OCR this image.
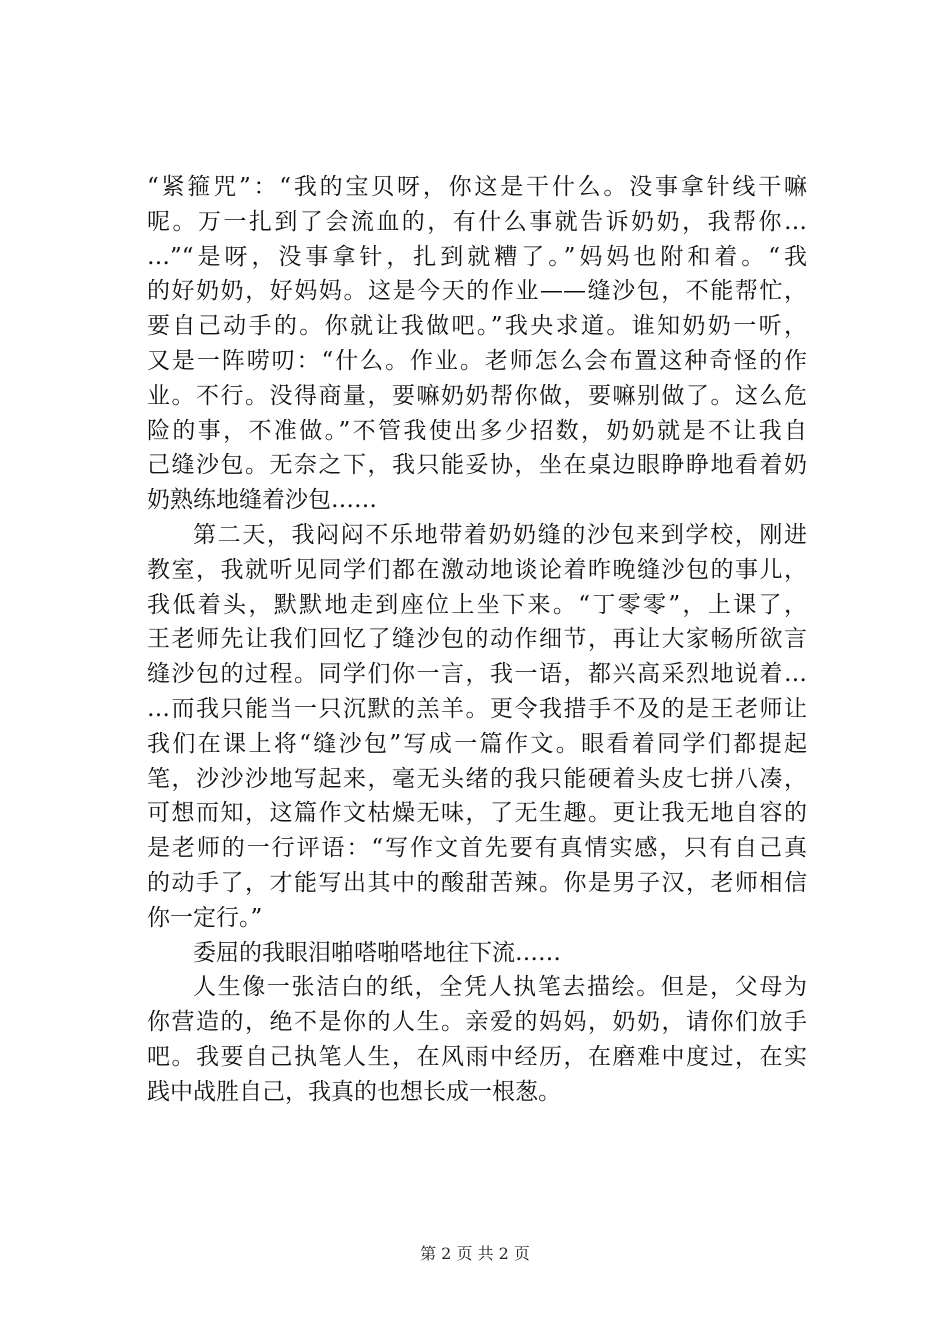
“紧箍咒”：“我的宝贝呀，你这是干什么。没事拿针线干嘛
呢。万一扎到了会流血的，有什么事就告诉奶奶，我帮你…
…”“是呀，没事拿针，扎到就糟了。”妈妈也附和着。“我
的好奶奶，好妈妈。这是今天的作业——缝沙包，不能帮忙，
要自己动手的。你就让我做吧。”我央求道。谁知奶奶一听，
又是一阵唠叨：“什么。作业。老师怎么会布置这种奇怪的作
业。不行。没得商量，要嘛奶奶帮你做，要嘛别做了。这么危
险的事，不准做。”不管我使出多少招数，奶奶就是不让我自
己缝沙包。无奈之下，我只能妥协，坐在桌边眼睁睁地看着奶
奶熟练地缝着沙包……
第二天，我闷闷不乐地带着奶奶缝的沙包来到学校，刚进
教室，我就听见同学们都在激动地谈论着昨晚缝沙包的事儿，
我低着头，默默地走到座位上坐下来。“丁零零”，上课了，
王老师先让我们回忆了缝沙包的动作细节，再让大家畅所欲言
缝沙包的过程。同学们你一言，我一语，都兴高采烈地说着…
…而我只能当一只沉默的羔羊。更令我措手不及的是王老师让
我们在课上将“缝沙包”写成一篇作文。眼看着同学们都提起
笔，沙沙沙地写起来，毫无头绪的我只能硬着头皮七拼八凑，
可想而知，这篇作文枯燥无味，了无生趣。更让我无地自容的
是老师的一行评语：“写作文首先要有真情实感，只有自己真
的动手了，才能写出其中的酸甜苦辣。你是男子汉，老师相信
你一定行。”
委屈的我眼泪啪嗒啪嗒地往下流……
人生像一张洁白的纸，全凭人执笔去描绘。但是，父母为
你营造的，绝不是你的人生。亲爱的妈妈，奶奶，请你们放手
吧。我要自己执笔人生，在风雨中经历，在磨难中度过，在实
践中战胜自己，我真的也想长成一根葱。
第 2 页 共 2 页
